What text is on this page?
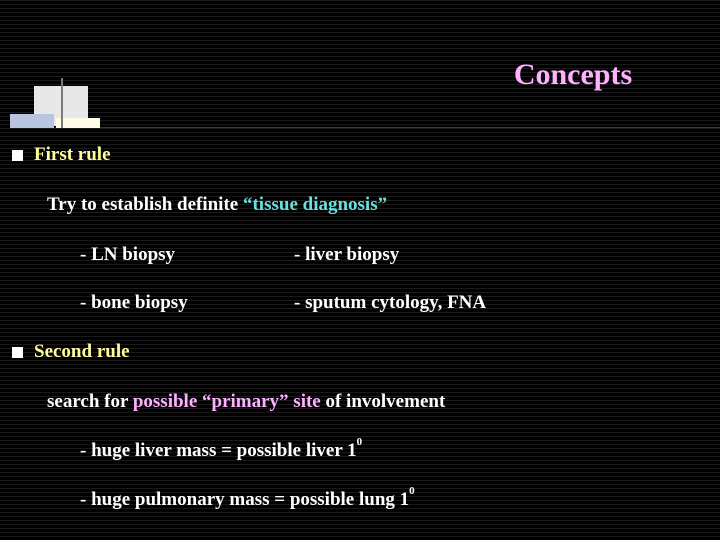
Concepts
First rule
Try to establish definite “tissue diagnosis”
- LN biopsy	- liver biopsy
- bone biopsy	- sputum cytology, FNA
Second rule
search for possible “primary” site of involvement
- huge liver mass = possible liver $1^0$
- huge pulmonary mass = possible lung $1^0$
